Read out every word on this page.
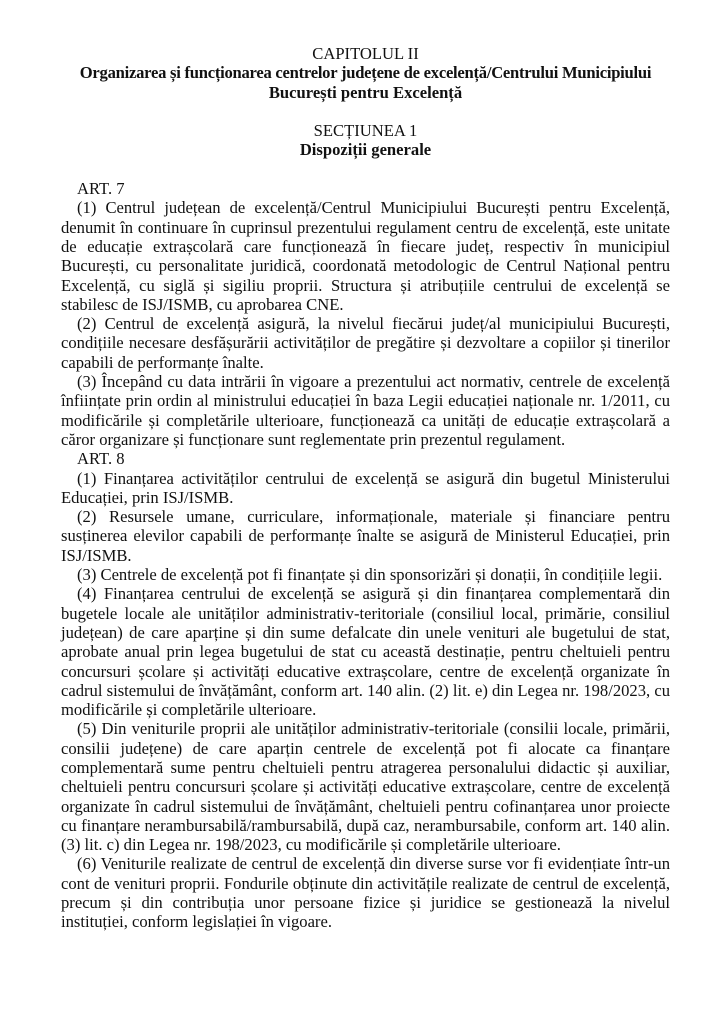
CAPITOLUL II
Organizarea și funcționarea centrelor județene de excelență/Centrului Municipiului
București pentru Excelență
SECȚIUNEA 1
Dispoziții generale
ART. 7

(1) Centrul județean de excelență/Centrul Municipiului București pentru Excelență, denumit în continuare în cuprinsul prezentului regulament centru de excelență, este unitate de educație extrașcolară care funcționează în fiecare județ, respectiv în municipiul București, cu personalitate juridică, coordonată metodologic de Centrul Național pentru Excelență, cu siglă și sigiliu proprii. Structura și atribuțiile centrului de excelență se stabilesc de ISJ/ISMB, cu aprobarea CNE.

(2) Centrul de excelență asigură, la nivelul fiecărui județ/al municipiului București, condițiile necesare desfășurării activităților de pregătire și dezvoltare a copiilor și tinerilor capabili de performanțe înalte.

(3) Începând cu data intrării în vigoare a prezentului act normativ, centrele de excelență înființate prin ordin al ministrului educației în baza Legii educației naționale nr. 1/2011, cu modificările și completările ulterioare, funcționează ca unități de educație extrașcolară a căror organizare și funcționare sunt reglementate prin prezentul regulament.

ART. 8

(1) Finanțarea activităților centrului de excelență se asigură din bugetul Ministerului Educației, prin ISJ/ISMB.

(2) Resursele umane, curriculare, informaționale, materiale și financiare pentru susținerea elevilor capabili de performanțe înalte se asigură de Ministerul Educației, prin ISJ/ISMB.

(3) Centrele de excelență pot fi finanțate și din sponsorizări și donații, în condițiile legii.

(4) Finanțarea centrului de excelență se asigură și din finanțarea complementară din bugetele locale ale unităților administrativ-teritoriale (consiliul local, primărie, consiliul județean) de care aparține și din sume defalcate din unele venituri ale bugetului de stat, aprobate anual prin legea bugetului de stat cu această destinație, pentru cheltuieli pentru concursuri școlare și activități educative extrașcolare, centre de excelență organizate în cadrul sistemului de învățământ, conform art. 140 alin. (2) lit. e) din Legea nr. 198/2023, cu modificările și completările ulterioare.

(5) Din veniturile proprii ale unităților administrativ-teritoriale (consilii locale, primării, consilii județene) de care aparțin centrele de excelență pot fi alocate ca finanțare complementară sume pentru cheltuieli pentru atragerea personalului didactic și auxiliar, cheltuieli pentru concursuri școlare și activități educative extrașcolare, centre de excelență organizate în cadrul sistemului de învățământ, cheltuieli pentru cofinanțarea unor proiecte cu finanțare nerambursabilă/rambursabilă, după caz, nerambursabile, conform art. 140 alin. (3) lit. c) din Legea nr. 198/2023, cu modificările și completările ulterioare.

(6) Veniturile realizate de centrul de excelență din diverse surse vor fi evidențiate într-un cont de venituri proprii. Fondurile obținute din activitățile realizate de centrul de excelență, precum și din contribuția unor persoane fizice și juridice se gestionează la nivelul instituției, conform legislației în vigoare.
